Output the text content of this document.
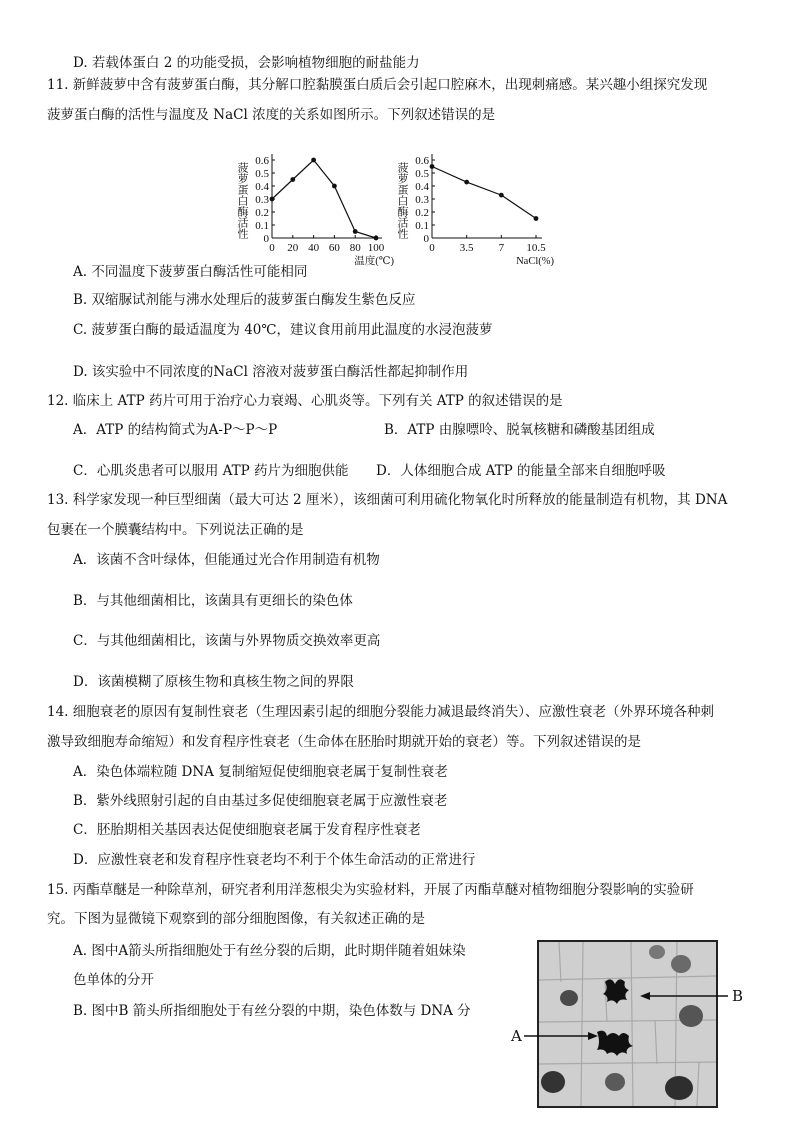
D. 若载体蛋白 2 的功能受损，会影响植物细胞的耐盐能力
11. 新鲜菠萝中含有菠萝蛋白酶，其分解口腔黏膜蛋白质后会引起口腔麻木，出现刺痛感。某兴趣小组探究发现
菠萝蛋白酶的活性与温度及 NaCl 浓度的关系如图所示。下列叙述错误的是
0
0.1
0.2
0.3
0.4
0.5
0.6
0 20 40 60 80 100
菠萝蛋白酶活性
温度(℃)
0
0.1
0.2
0.3
0.4
0.5
0.6
0 3.5 7 10.5
菠萝蛋白酶活性
NaCl(%)
A. 不同温度下菠萝蛋白酶活性可能相同
B. 双缩脲试剂能与沸水处理后的菠萝蛋白酶发生紫色反应
C. 菠萝蛋白酶的最适温度为 40℃，建议食用前用此温度的水浸泡菠萝
D. 该实验中不同浓度的NaCl 溶液对菠萝蛋白酶活性都起抑制作用
12. 临床上 ATP 药片可用于治疗心力衰竭、心肌炎等。下列有关 ATP 的叙述错误的是
A．ATP 的结构简式为A-P～P～P	B．ATP 由腺嘌呤、脱氧核糖和磷酸基团组成
C．心肌炎患者可以服用 ATP 药片为细胞供能 D．人体细胞合成 ATP 的能量全部来自细胞呼吸
13. 科学家发现一种巨型细菌（最大可达 2 厘米），该细菌可利用硫化物氧化时所释放的能量制造有机物，其 DNA
包裹在一个膜囊结构中。下列说法正确的是
A．该菌不含叶绿体，但能通过光合作用制造有机物
B．与其他细菌相比，该菌具有更细长的染色体
C．与其他细菌相比，该菌与外界物质交换效率更高
D．该菌模糊了原核生物和真核生物之间的界限
14. 细胞衰老的原因有复制性衰老（生理因素引起的细胞分裂能力减退最终消失）、应激性衰老（外界环境各种刺
激导致细胞寿命缩短）和发育程序性衰老（生命体在胚胎时期就开始的衰老）等。下列叙述错误的是
A．染色体端粒随 DNA 复制缩短促使细胞衰老属于复制性衰老
B．紫外线照射引起的自由基过多促使细胞衰老属于应激性衰老
C．胚胎期相关基因表达促使细胞衰老属于发育程序性衰老
D．应激性衰老和发育程序性衰老均不利于个体生命活动的正常进行
15. 丙酯草醚是一种除草剂，研究者利用洋葱根尖为实验材料，开展了丙酯草醚对植物细胞分裂影响的实验研
究。下图为显微镜下观察到的部分细胞图像，有关叙述正确的是
A. 图中A箭头所指细胞处于有丝分裂的后期，此时期伴随着姐妹染
色单体的分开
B. 图中B 箭头所指细胞处于有丝分裂的中期，染色体数与 DNA 分
B
A
